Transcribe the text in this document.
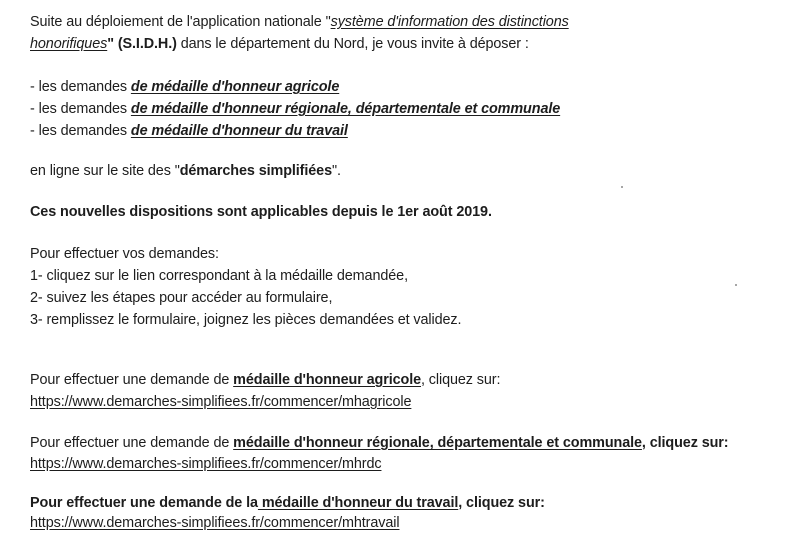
Suite au déploiement de l'application nationale "système d'information des distinctions
honorifiques" (S.I.D.H.) dans le département du Nord, je vous invite à déposer :
- les demandes de médaille d'honneur agricole
- les demandes de médaille d'honneur régionale, départementale et communale
- les demandes de médaille d'honneur du travail
en ligne sur le site des "démarches simplifiées".
Ces nouvelles dispositions sont applicables depuis le 1er août 2019.
Pour effectuer vos demandes:
1- cliquez sur le lien correspondant à la médaille demandée,
2- suivez les étapes pour accéder au formulaire,
3- remplissez le formulaire, joignez les pièces demandées et validez.
Pour effectuer une demande de médaille d'honneur agricole, cliquez sur:
https://www.demarches-simplifiees.fr/commencer/mhagricole
Pour effectuer une demande de médaille d'honneur régionale, départementale et communale, cliquez sur:
https://www.demarches-simplifiees.fr/commencer/mhrdc
Pour effectuer une demande de la médaille d'honneur du travail, cliquez sur:
https://www.demarches-simplifiees.fr/commencer/mhtravail
